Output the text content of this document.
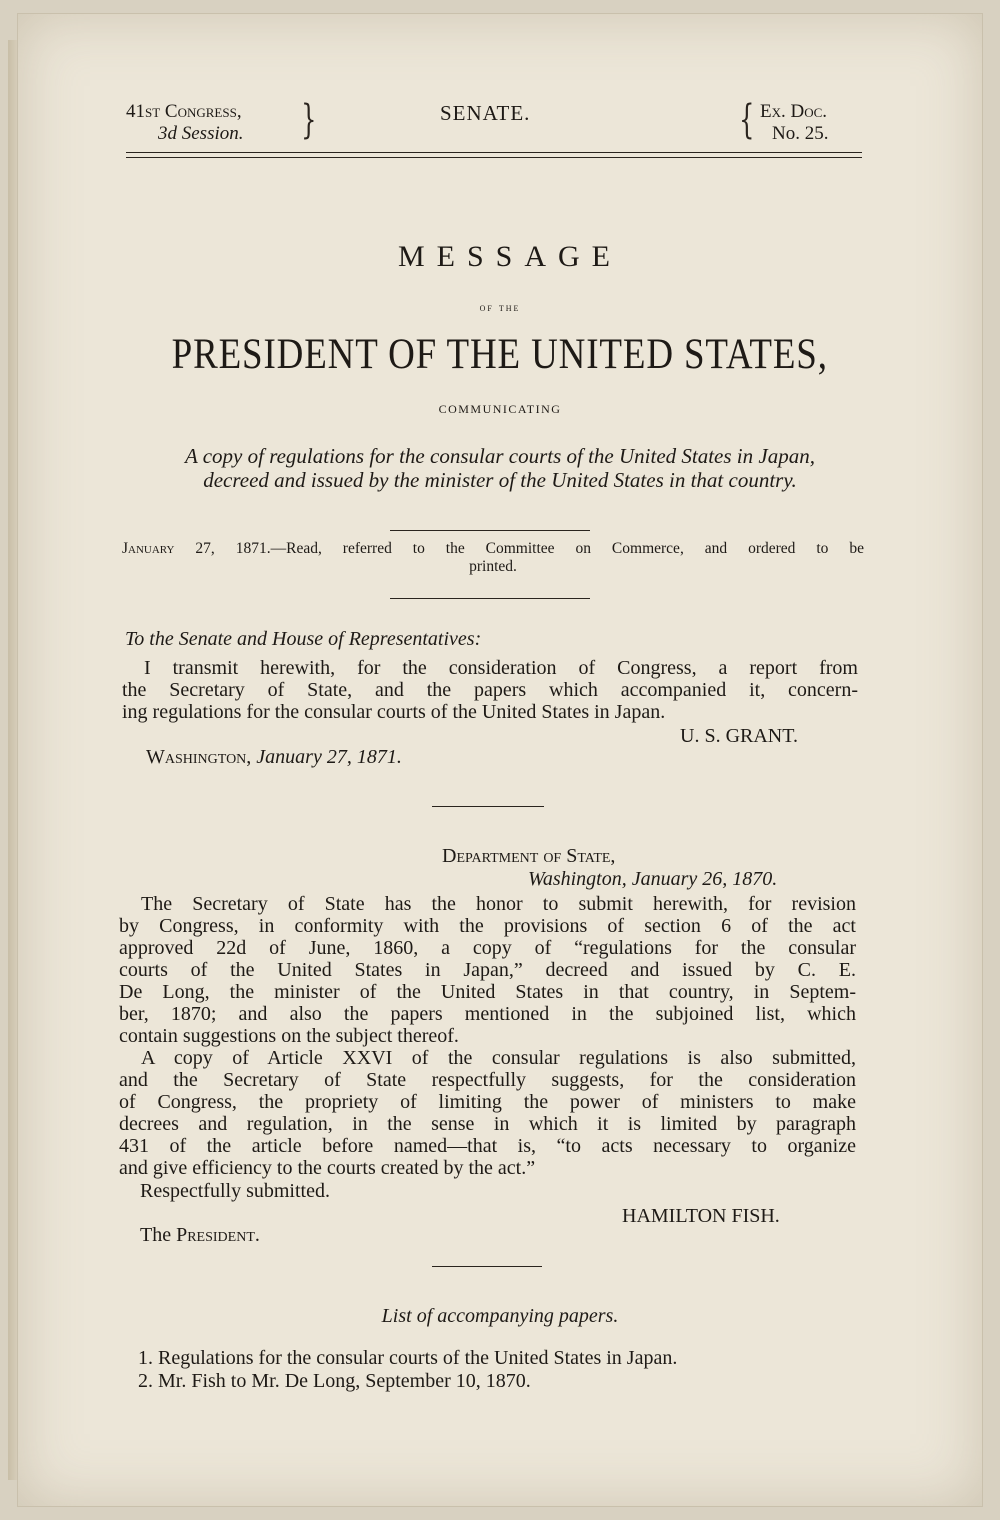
41st Congress,
3d Session. }	SENATE.	{ Ex. Doc.
No. 25.
MESSAGE
of the
PRESIDENT OF THE UNITED STATES,
COMMUNICATING
A copy of regulations for the consular courts of the United States in Japan,
decreed and issued by the minister of the United States in that country.
January 27, 1871.—Read, referred to the Committee on Commerce, and ordered to be
printed.
To the Senate and House of Representatives:
I transmit herewith, for the consideration of Congress, a report from
the Secretary of State, and the papers which accompanied it, concern-
ing regulations for the consular courts of the United States in Japan.
U. S. GRANT.
Washington, January 27, 1871.
Department of State,
Washington, January 26, 1870.
The Secretary of State has the honor to submit herewith, for revision
by Congress, in conformity with the provisions of section 6 of the act
approved 22d of June, 1860, a copy of “regulations for the consular
courts of the United States in Japan,” decreed and issued by C. E.
De Long, the minister of the United States in that country, in Septem-
ber, 1870; and also the papers mentioned in the subjoined list, which
contain suggestions on the subject thereof.
A copy of Article XXVI of the consular regulations is also submitted,
and the Secretary of State respectfully suggests, for the consideration
of Congress, the propriety of limiting the power of ministers to make
decrees and regulation, in the sense in which it is limited by paragraph
431 of the article before named—that is, “to acts necessary to organize
and give efficiency to the courts created by the act.”
Respectfully submitted.
HAMILTON FISH.
The President.
List of accompanying papers.
1. Regulations for the consular courts of the United States in Japan.
2. Mr. Fish to Mr. De Long, September 10, 1870.
